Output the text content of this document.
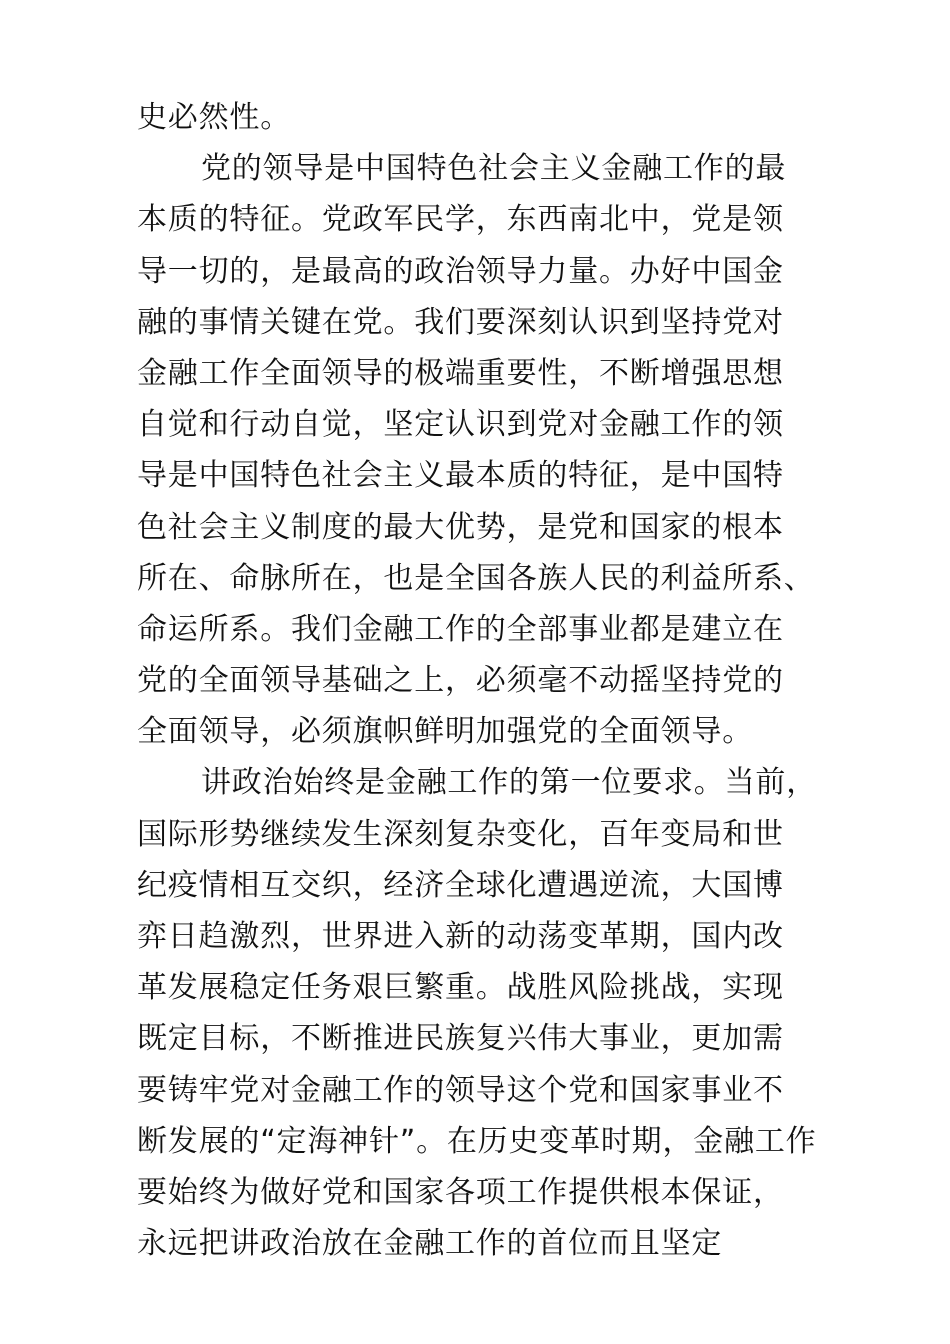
史必然性。
党的领导是中国特色社会主义金融工作的最
本质的特征。党政军民学，东西南北中，党是领
导一切的，是最高的政治领导力量。办好中国金
融的事情关键在党。我们要深刻认识到坚持党对
金融工作全面领导的极端重要性，不断增强思想
自觉和行动自觉，坚定认识到党对金融工作的领
导是中国特色社会主义最本质的特征，是中国特
色社会主义制度的最大优势，是党和国家的根本
所在、命脉所在，也是全国各族人民的利益所系、
命运所系。我们金融工作的全部事业都是建立在
党的全面领导基础之上，必须毫不动摇坚持党的
全面领导，必须旗帜鲜明加强党的全面领导。
讲政治始终是金融工作的第一位要求。当前，
国际形势继续发生深刻复杂变化，百年变局和世
纪疫情相互交织，经济全球化遭遇逆流，大国博
弈日趋激烈，世界进入新的动荡变革期，国内改
革发展稳定任务艰巨繁重。战胜风险挑战，实现
既定目标，不断推进民族复兴伟大事业，更加需
要铸牢党对金融工作的领导这个党和国家事业不
断发展的“定海神针”。在历史变革时期，金融工作
要始终为做好党和国家各项工作提供根本保证，
永远把讲政治放在金融工作的首位而且坚定
